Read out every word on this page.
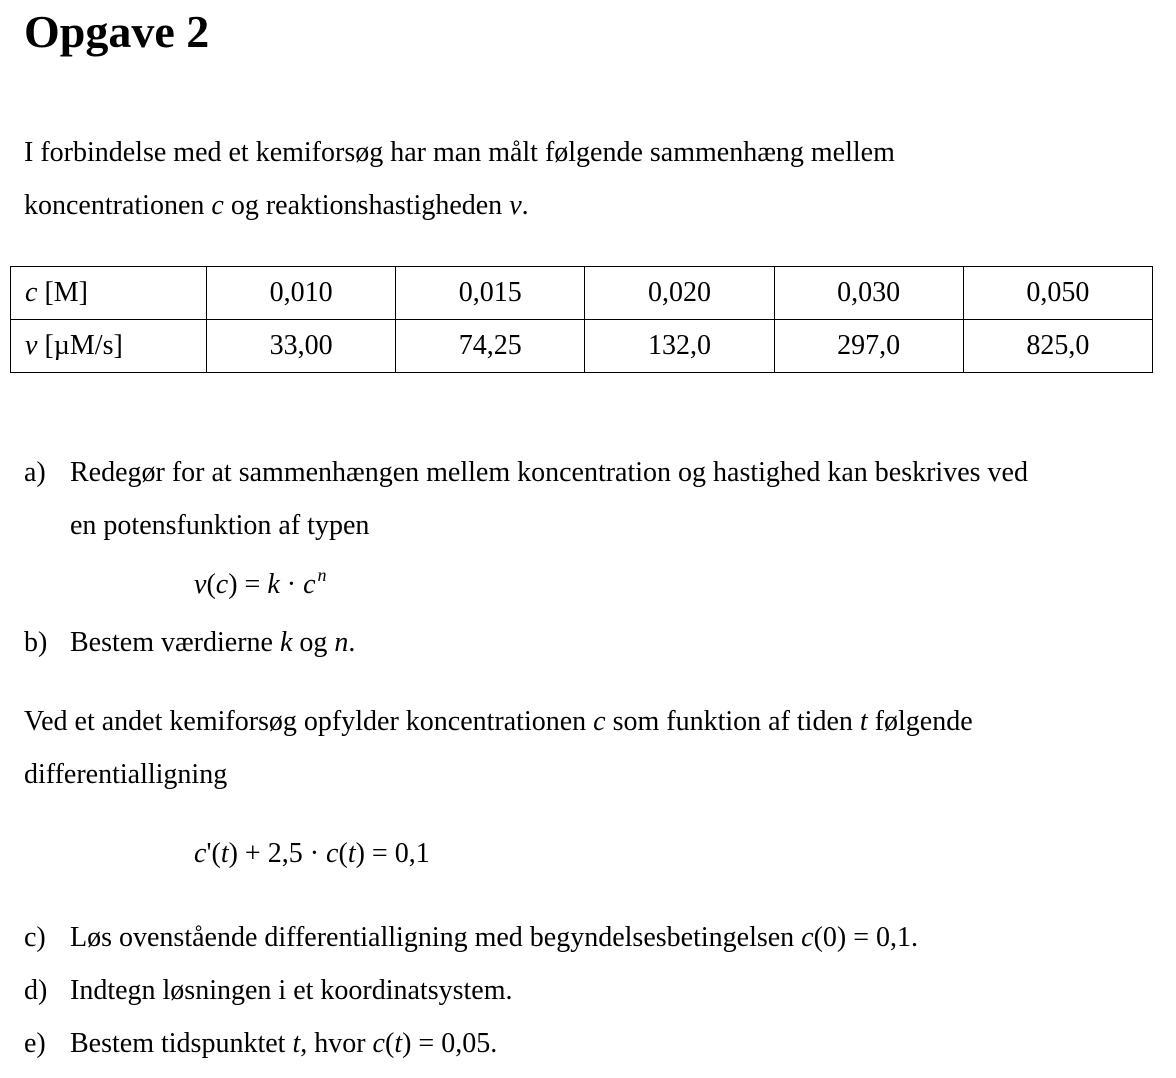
Opgave 2
I forbindelse med et kemiforsøg har man målt følgende sammenhæng mellem
koncentrationen c og reaktionshastigheden v.
c [M]	0,010	0,015	0,020	0,030	0,050
v [µM/s]	33,00	74,25	132,0	297,0	825,0
a) Redegør for at sammenhængen mellem koncentration og hastighed kan beskrives ved
en potensfunktion af typen
v(c) = k · c $^n$
b) Bestem værdierne k og n.
Ved et andet kemiforsøg opfylder koncentrationen c som funktion af tiden t følgende
differentialligning
c'(t) + 2,5 · c(t) = 0,1
c) Løs ovenstående differentialligning med begyndelsesbetingelsen c(0) = 0,1.
d) Indtegn løsningen i et koordinatsystem.
e) Bestem tidspunktet t, hvor c(t) = 0,05.
